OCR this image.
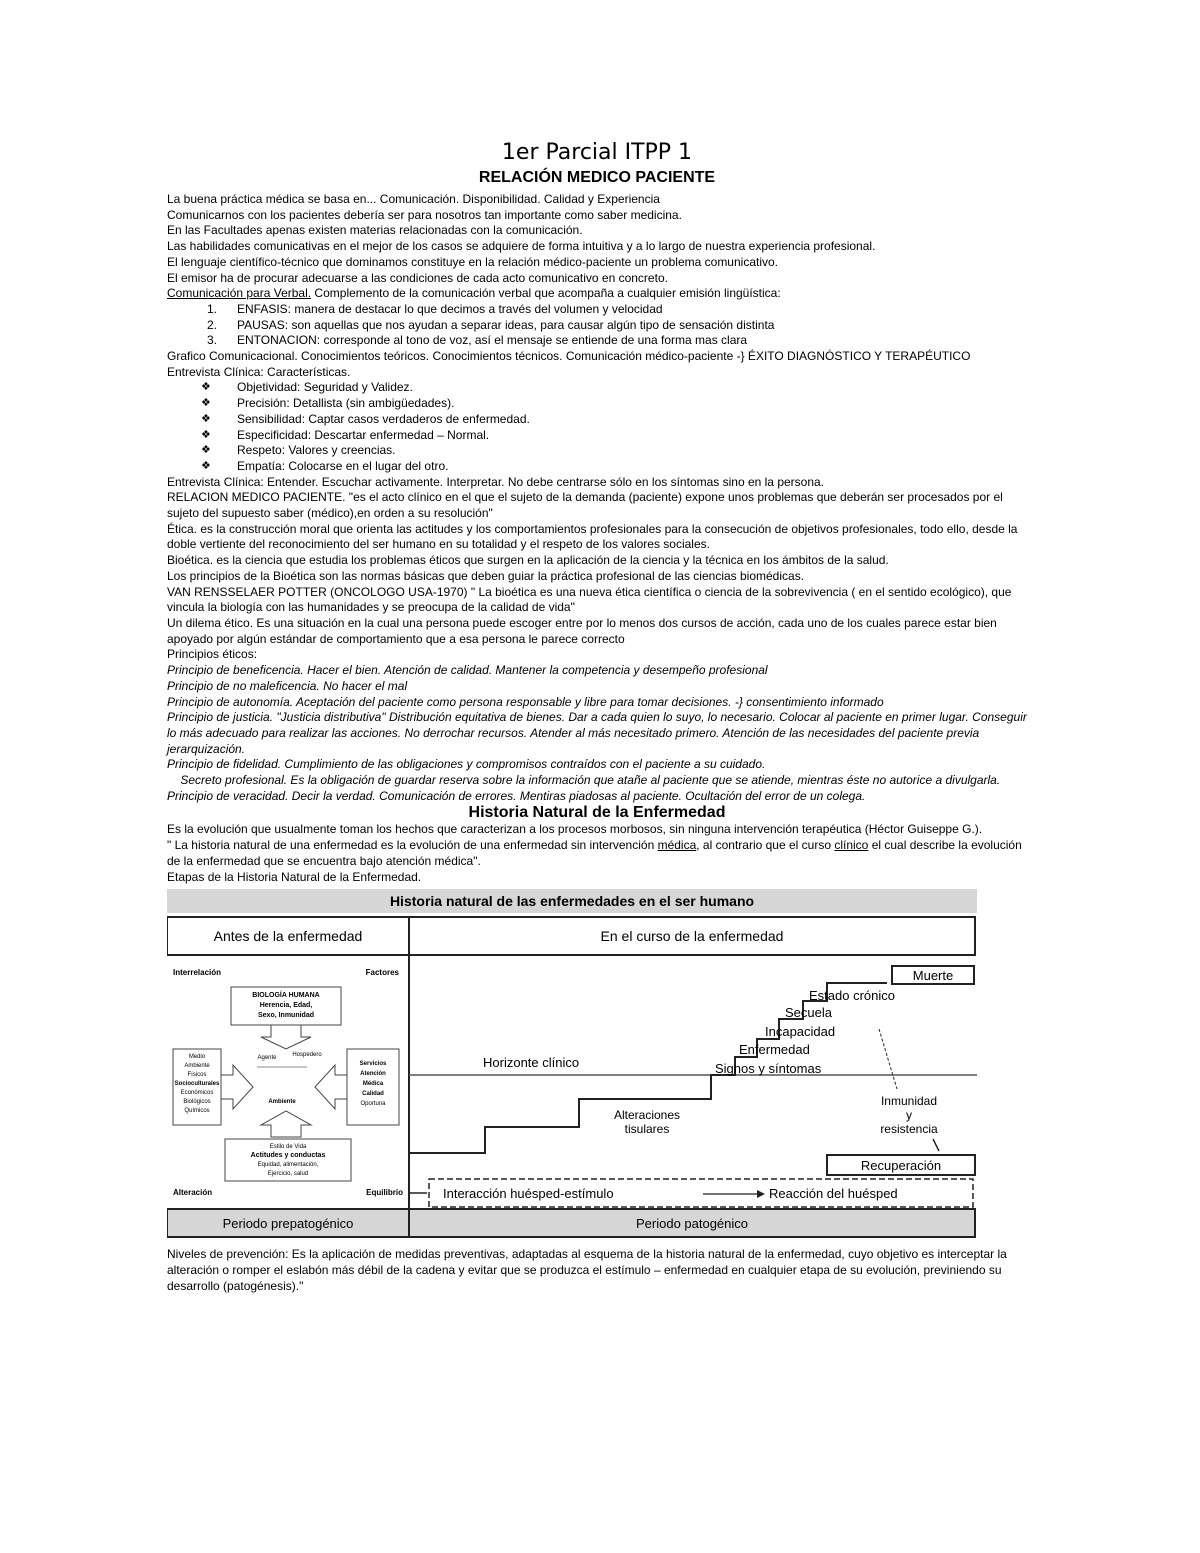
1er Parcial ITPP 1
RELACIÓN MEDICO PACIENTE

La buena práctica médica se basa en... Comunicación. Disponibilidad. Calidad y Experiencia

Comunicarnos con los pacientes debería ser para nosotros tan importante como saber medicina.

En las Facultades apenas existen materias relacionadas con la comunicación.

Las habilidades comunicativas en el mejor de los casos se adquiere de forma intuitiva y a lo largo de nuestra experiencia profesional.

El lenguaje científico-técnico que dominamos constituye en la relación médico-paciente un problema comunicativo.

El emisor ha de procurar adecuarse a las condiciones de cada acto comunicativo en concreto.

Comunicación para Verbal. Complemento de la comunicación verbal que acompaña a cualquier emisión lingüística:

1.	ENFASIS: manera de destacar lo que decimos a través del volumen y velocidad
2.	PAUSAS: son aquellas que nos ayudan a separar ideas, para causar algún tipo de sensación distinta
3.	ENTONACION: corresponde al tono de voz, así el mensaje se entiende de una forma mas clara

Grafico Comunicacional. Conocimientos teóricos. Conocimientos técnicos. Comunicación médico-paciente -} ÉXITO DIAGNÓSTICO Y TERAPÉUTICO

Entrevista Clínica: Características.

❖	Objetividad: Seguridad y Validez.
❖	Precisión: Detallista (sin ambigüedades).
❖	Sensibilidad: Captar casos verdaderos de enfermedad.
❖	Especificidad: Descartar enfermedad – Normal.
❖	Respeto: Valores y creencias.
❖	Empatía: Colocarse en el lugar del otro.

Entrevista Clínica: Entender. Escuchar activamente. Interpretar. No debe centrarse sólo en los síntomas sino en la persona.

RELACION MEDICO PACIENTE. "es el acto clínico en el que el sujeto de la demanda (paciente) expone unos problemas que deberán ser procesados por el sujeto del supuesto saber (médico),en orden a su resolución"

Ética. es la construcción moral que orienta las actitudes y los comportamientos profesionales para la consecución de objetivos profesionales, todo ello, desde la doble vertiente del reconocimiento del ser humano en su totalidad y el respeto de los valores sociales.

Bioética. es la ciencia que estudia los problemas éticos que surgen en la aplicación de la ciencia y la técnica en los ámbitos de la salud.

Los principios de la Bioética son las normas básicas que deben guiar la práctica profesional de las ciencias biomédicas.

VAN RENSSELAER POTTER (ONCOLOGO USA-1970) " La bioética es una nueva ética científica o ciencia de la sobrevivencia ( en el sentido ecológico), que vincula la biología con las humanidades y se preocupa de la calidad de vida"

Un dilema ético. Es una situación en la cual una persona puede escoger entre por lo menos dos cursos de acción, cada uno de los cuales parece estar bien apoyado por algún estándar de comportamiento que a esa persona le parece correcto

Principios éticos:

Principio de beneficencia. Hacer el bien. Atención de calidad. Mantener la competencia y desempeño profesional

Principio de no maleficencia. No hacer el mal

Principio de autonomía. Aceptación del paciente como persona responsable y libre para tomar decisiones. -} consentimiento informado

Principio de justicia. "Justicia distributiva" Distribución equitativa de bienes. Dar a cada quien lo suyo, lo necesario. Colocar al paciente en primer lugar. Conseguir lo más adecuado para realizar las acciones. No derrochar recursos. Atender al más necesitado primero. Atención de las necesidades del paciente previa jerarquización.

Principio de fidelidad. Cumplimiento de las obligaciones y compromisos contraídos con el paciente a su cuidado.

Secreto profesional. Es la obligación de guardar reserva sobre la información que atañe al paciente que se atiende, mientras éste no autorice a divulgarla.

Principio de veracidad. Decir la verdad. Comunicación de errores. Mentiras piadosas al paciente. Ocultación del error de un colega.

Historia Natural de la Enfermedad

Es la evolución que usualmente toman los hechos que caracterizan a los procesos morbosos, sin ninguna intervención terapéutica (Héctor Guiseppe G.).

" La historia natural de una enfermedad es la evolución de una enfermedad sin intervención médica, al contrario que el curso clínico el cual describe la evolución de la enfermedad que se encuentra bajo atención médica".

Etapas de la Historia Natural de la Enfermedad.

Historia natural de las enfermedades en el ser humano
Antes de la enfermedad	En el curso de la enfermedad
Interrelación	Factores
Alteración	Equilibrio
BIOLOGÍA HUMANA
Herencia, Edad,
Sexo, Inmunidad
Medio
Ambiente
Físicos
Socioculturales
Económicos
Biológicos
Químicos
Servicios
Atención
Médica
Calidad
Oportuna
Agente	Hospedero
Ambiente
Estilo de Vida
Actitudes y conductas
Equidad, alimentación,
Ejercicio, salud
Muerte
Signos y síntomas
Enfermedad
Incapacidad
Secuela
Estado crónico
Horizonte clínico
Alteraciones
tisulares
Inmunidad
y
resistencia
Recuperación
Interacción huésped-estímulo	Reacción del huésped
Periodo prepatogénico	Periodo patogénico

Niveles de prevención: Es la aplicación de medidas preventivas, adaptadas al esquema de la historia natural de la enfermedad, cuyo objetivo es interceptar la alteración o romper el eslabón más débil de la cadena y evitar que se produzca el estímulo – enfermedad en cualquier etapa de su evolución, previniendo su desarrollo (patogénesis)."
